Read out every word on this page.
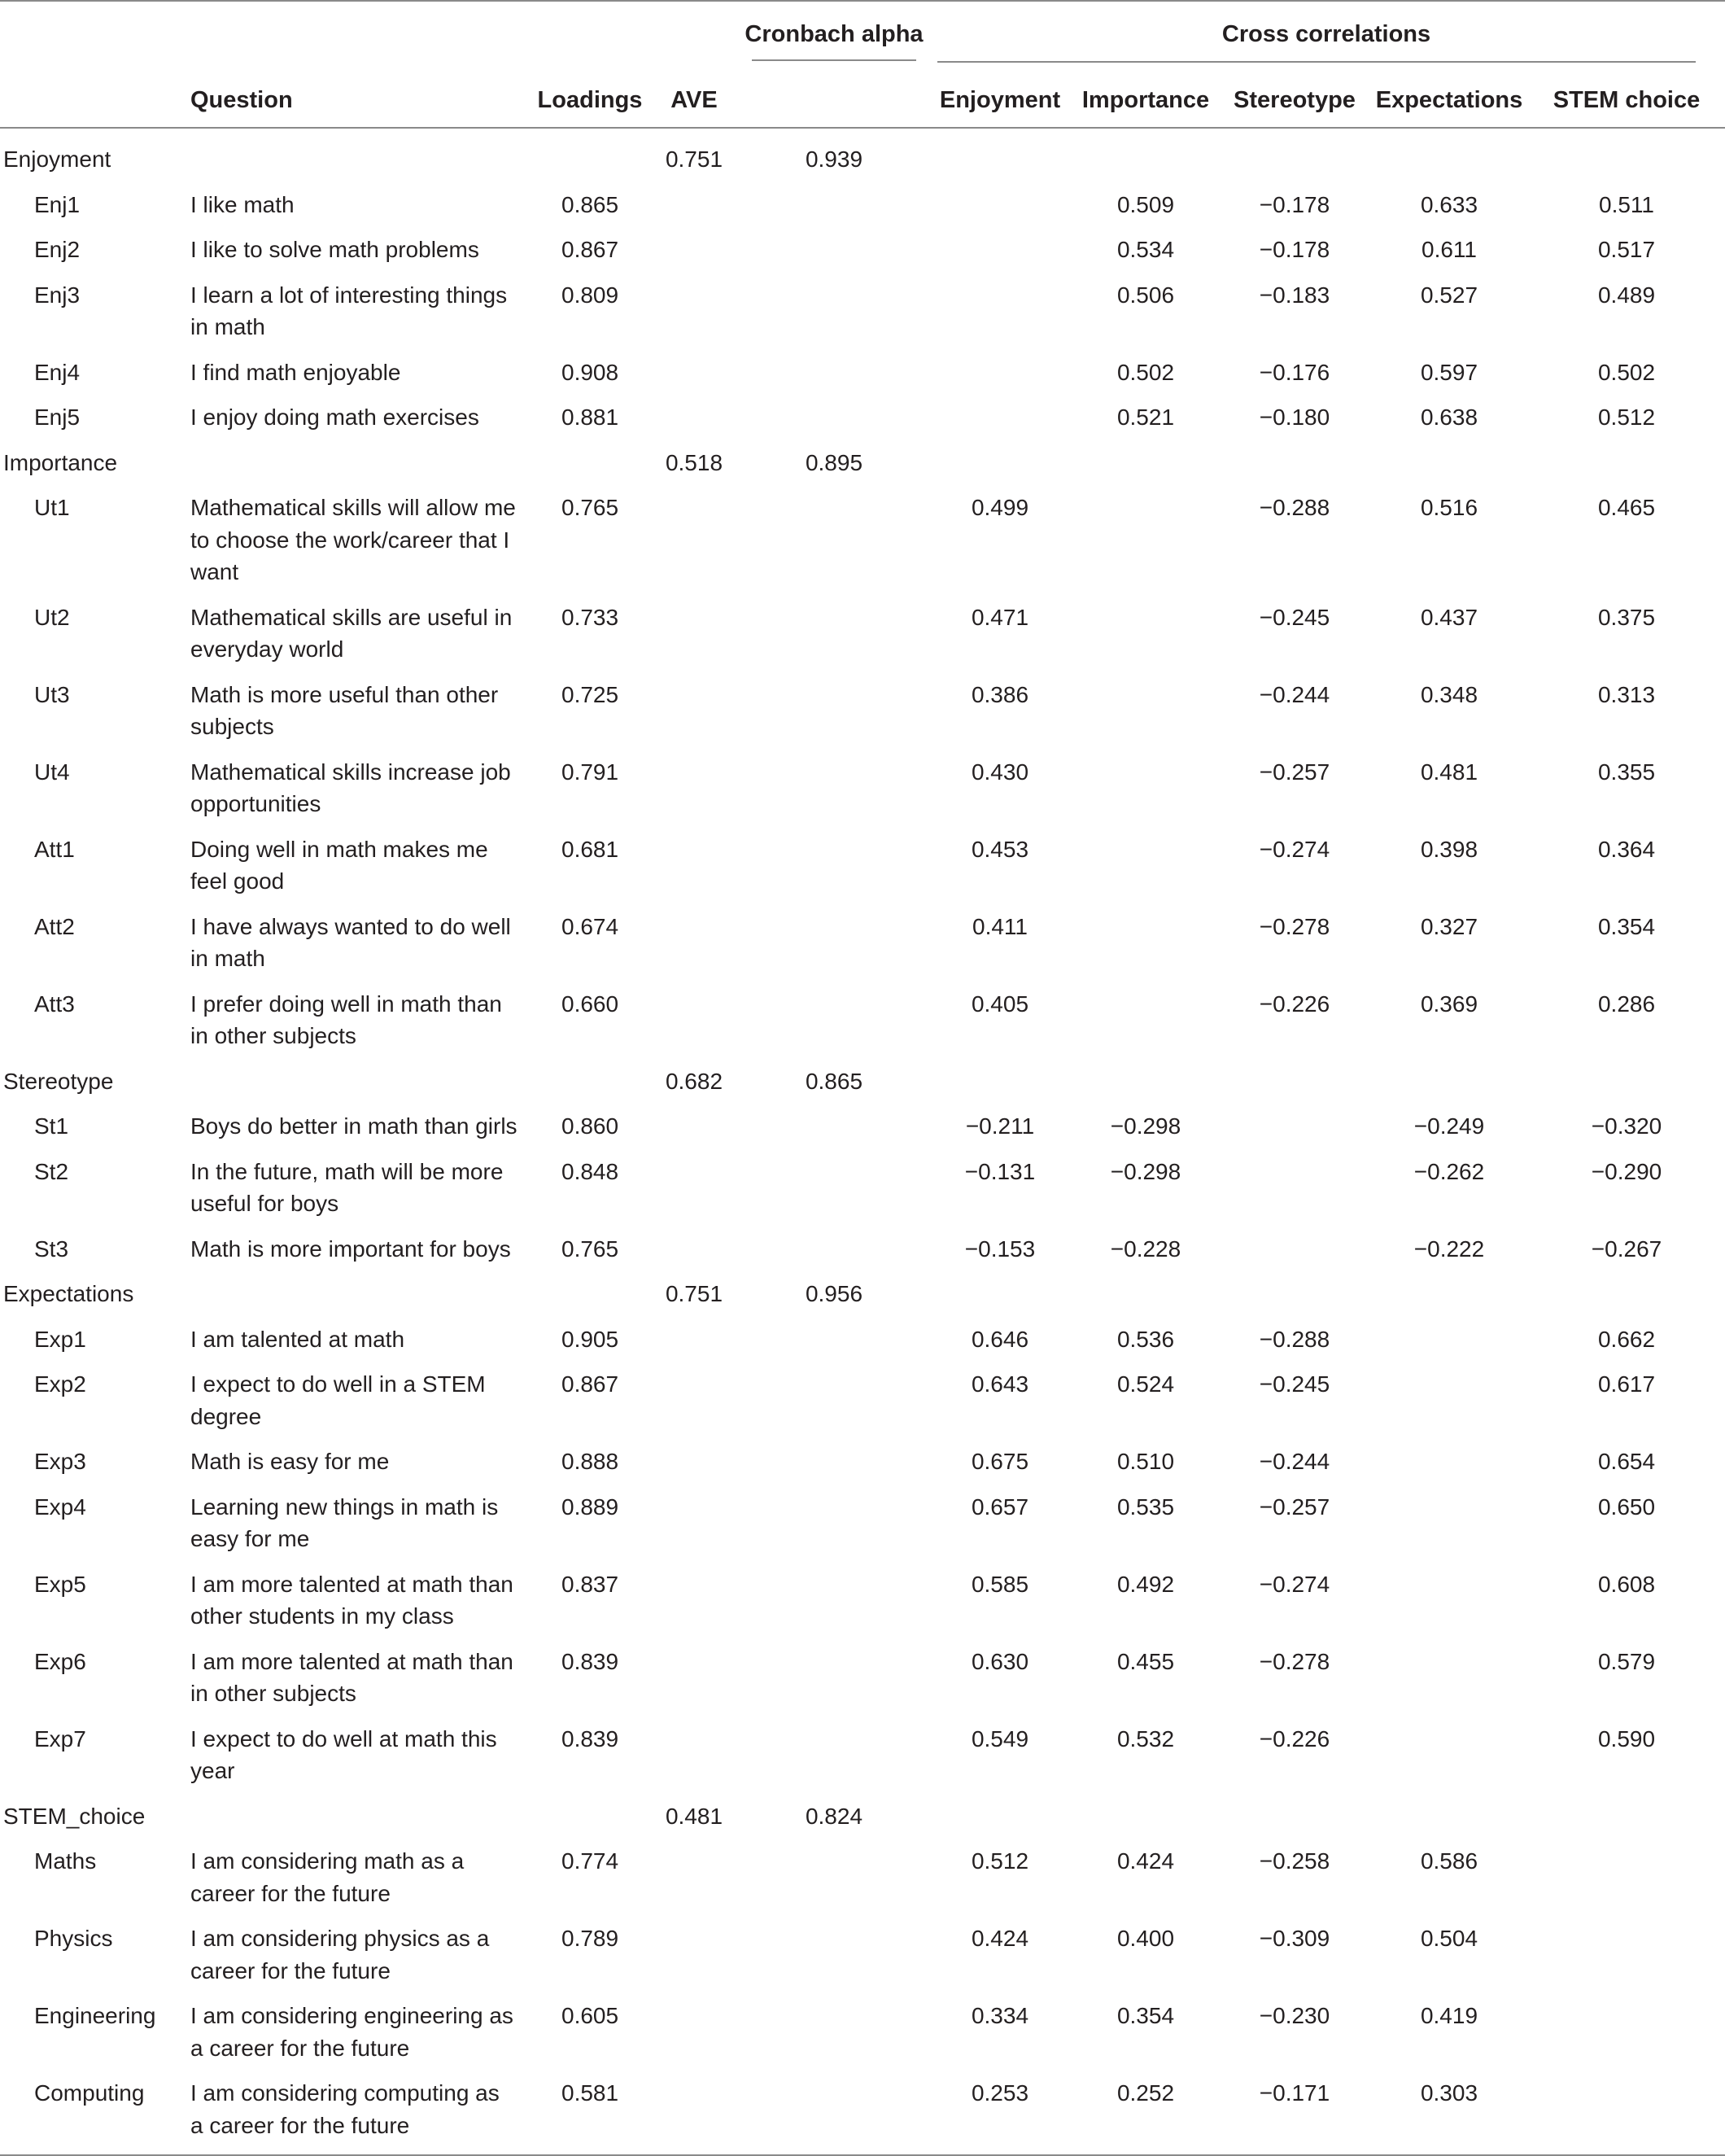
				Cronbach alpha	Cross correlations				

	Question	Loadings	AVE		Enjoyment	Importance	Stereotype	Expectations	STEM choice
Enjoyment			0.751	0.939					
Enj1	I like math	0.865				0.509	−0.178	0.633	0.511
Enj2	I like to solve math problems	0.867				0.534	−0.178	0.611	0.517
Enj3	I learn a lot of interesting things in math	0.809				0.506	−0.183	0.527	0.489
Enj4	I find math enjoyable	0.908				0.502	−0.176	0.597	0.502
Enj5	I enjoy doing math exercises	0.881				0.521	−0.180	0.638	0.512
Importance			0.518	0.895					
Ut1	Mathematical skills will allow me to choose the work/career that I want	0.765			0.499		−0.288	0.516	0.465
Ut2	Mathematical skills are useful in everyday world	0.733			0.471		−0.245	0.437	0.375
Ut3	Math is more useful than other subjects	0.725			0.386		−0.244	0.348	0.313
Ut4	Mathematical skills increase job opportunities	0.791			0.430		−0.257	0.481	0.355
Att1	Doing well in math makes me feel good	0.681			0.453		−0.274	0.398	0.364
Att2	I have always wanted to do well in math	0.674			0.411		−0.278	0.327	0.354
Att3	I prefer doing well in math than in other subjects	0.660			0.405		−0.226	0.369	0.286
Stereotype			0.682	0.865					
St1	Boys do better in math than girls	0.860			−0.211	−0.298		−0.249	−0.320
St2	In the future, math will be more useful for boys	0.848			−0.131	−0.298		−0.262	−0.290
St3	Math is more important for boys	0.765			−0.153	−0.228		−0.222	−0.267
Expectations			0.751	0.956					
Exp1	I am talented at math	0.905			0.646	0.536	−0.288		0.662
Exp2	I expect to do well in a STEM degree	0.867			0.643	0.524	−0.245		0.617
Exp3	Math is easy for me	0.888			0.675	0.510	−0.244		0.654
Exp4	Learning new things in math is easy for me	0.889			0.657	0.535	−0.257		0.650
Exp5	I am more talented at math than other students in my class	0.837			0.585	0.492	−0.274		0.608
Exp6	I am more talented at math than in other subjects	0.839			0.630	0.455	−0.278		0.579
Exp7	I expect to do well at math this year	0.839			0.549	0.532	−0.226		0.590
STEM_choice			0.481	0.824					
Maths	I am considering math as a career for the future	0.774			0.512	0.424	−0.258	0.586	
Physics	I am considering physics as a career for the future	0.789			0.424	0.400	−0.309	0.504	
Engineering	I am considering engineering as a career for the future	0.605			0.334	0.354	−0.230	0.419	
Computing	I am considering computing as a career for the future	0.581			0.253	0.252	−0.171	0.303	
